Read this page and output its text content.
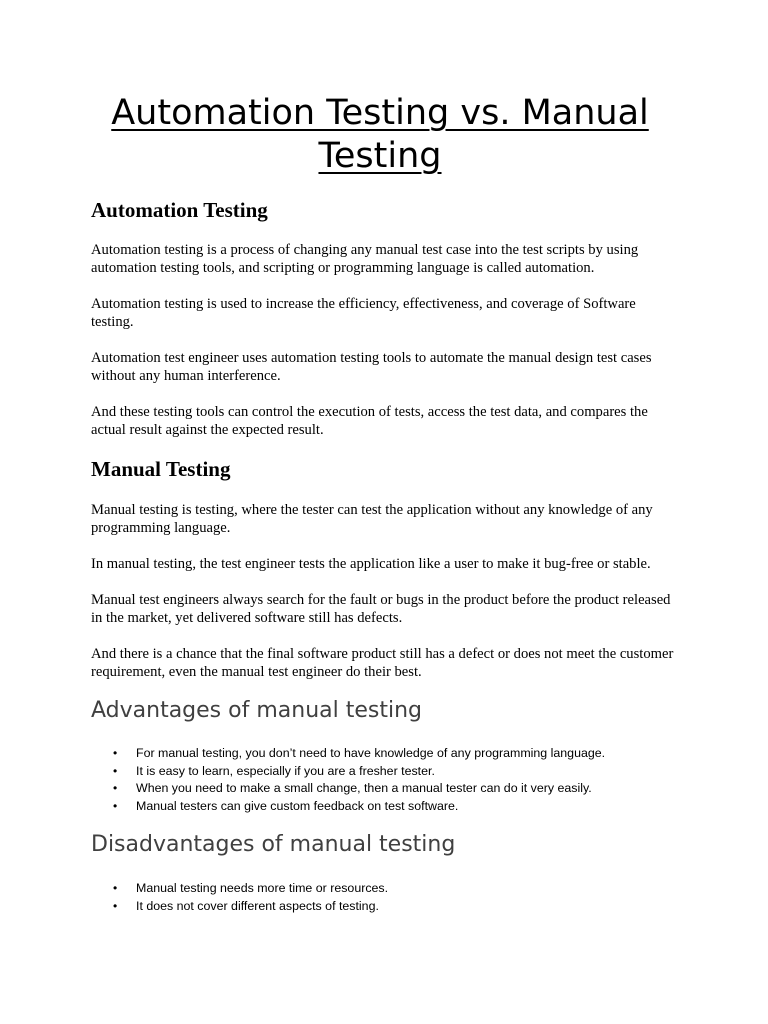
Automation Testing vs. Manual Testing
Automation Testing

Automation testing is a process of changing any manual test case into the test scripts by using automation testing tools, and scripting or programming language is called automation.

Automation testing is used to increase the efficiency, effectiveness, and coverage of Software testing.

Automation test engineer uses automation testing tools to automate the manual design test cases without any human interference.

And these testing tools can control the execution of tests, access the test data, and compares the actual result against the expected result.

Manual Testing

Manual testing is testing, where the tester can test the application without any knowledge of any programming language.

In manual testing, the test engineer tests the application like a user to make it bug-free or stable.

Manual test engineers always search for the fault or bugs in the product before the product released in the market, yet delivered software still has defects.

And there is a chance that the final software product still has a defect or does not meet the customer requirement, even the manual test engineer do their best.

Advantages of manual testing
• For manual testing, you don’t need to have knowledge of any programming language.
• It is easy to learn, especially if you are a fresher tester.
• When you need to make a small change, then a manual tester can do it very easily.
• Manual testers can give custom feedback on test software.
Disadvantages of manual testing
• Manual testing needs more time or resources.
• It does not cover different aspects of testing.
